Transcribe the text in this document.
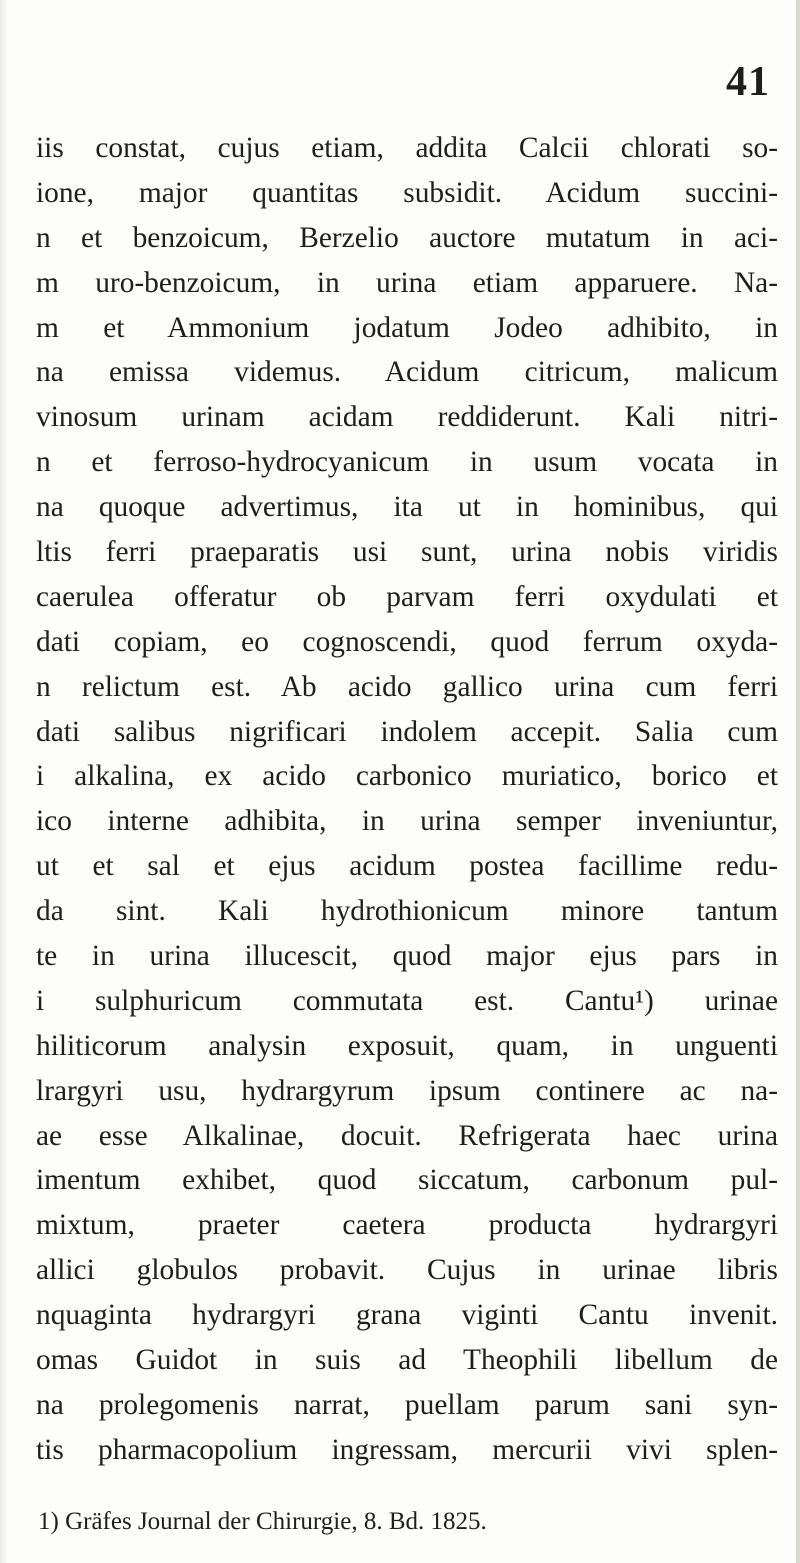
41
iis constat, cujus etiam, addita Calcii chlorati so-
ione, major quantitas subsidit. Acidum succini-
n et benzoicum, Berzelio auctore mutatum in aci-
m uro-benzoicum, in urina etiam apparuere. Na-
m et Ammonium jodatum Jodeo adhibito, in
na emissa videmus. Acidum citricum, malicum
vinosum urinam acidam reddiderunt. Kali nitri-
n et ferroso-hydrocyanicum in usum vocata in
na quoque advertimus, ita ut in hominibus, qui
ltis ferri praeparatis usi sunt, urina nobis viridis
caerulea offeratur ob parvam ferri oxydulati et
dati copiam, eo cognoscendi, quod ferrum oxyda-
n relictum est. Ab acido gallico urina cum ferri
dati salibus nigrificari indolem accepit. Salia cum
i alkalina, ex acido carbonico muriatico, borico et
ico interne adhibita, in urina semper inveniuntur,
ut et sal et ejus acidum postea facillime redu-
da sint. Kali hydrothionicum minore tantum
te in urina illucescit, quod major ejus pars in
i sulphuricum commutata est. Cantu¹) urinae
hiliticorum analysin exposuit, quam, in unguenti
lrargyri usu, hydrargyrum ipsum continere ac na-
ae esse Alkalinae, docuit. Refrigerata haec urina
imentum exhibet, quod siccatum, carbonum pul-
mixtum, praeter caetera producta hydrargyri
allici globulos probavit. Cujus in urinae libris
nquaginta hydrargyri grana viginti Cantu invenit.
omas Guidot in suis ad Theophili libellum de
na prolegomenis narrat, puellam parum sani syn-
tis pharmacopolium ingressam, mercurii vivi splen-
1) Gräfes Journal der Chirurgie, 8. Bd. 1825.
